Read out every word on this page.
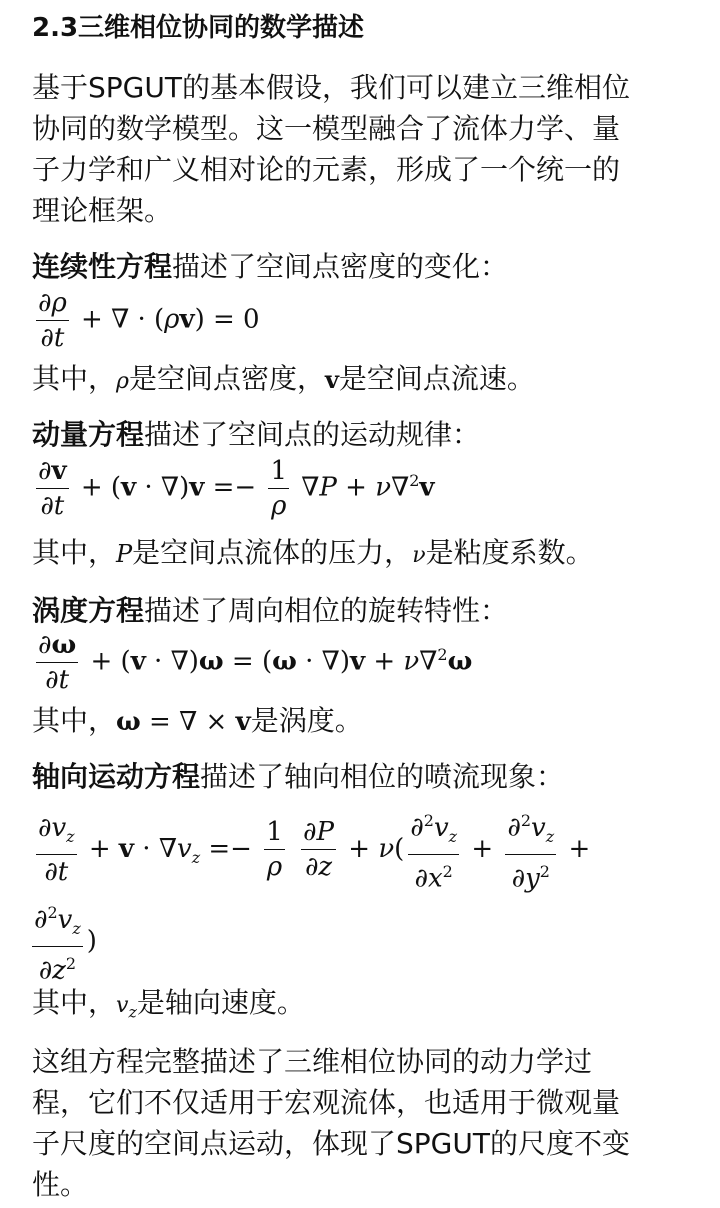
2.3三维相位协同的数学描述
基于SPGUT的基本假设，我们可以建立三维相位
协同的数学模型。这一模型融合了流体力学、量
子力学和广义相对论的元素，形成了一个统一的
理论框架。
连续性方程描述了空间点密度的变化：
$\frac{\partial\rho}{\partial t}$ + ∇ · (ρv) = 0
其中，ρ是空间点密度，v是空间点流速。
动量方程描述了空间点的运动规律：
$\frac{\partial v}{\partial t} + (v \cdot \nabla)v =- \frac{1}{\rho} \nabla P + \nu\nabla^2v$
其中，P是空间点流体的压力，ν是粘度系数。
涡度方程描述了周向相位的旋转特性：
$\frac{\partial\omega}{\partial t} + (v \cdot \nabla)\omega = (\omega \cdot \nabla)v + \nu\nabla^2\omega$
其中，ω = ∇ × v是涡度。
轴向运动方程描述了轴向相位的喷流现象：
$\frac{\partial v_z}{\partial t} + v \cdot \nabla v_z =- \frac{1}{\rho}$
$\frac{\partial P}{\partial z} + \nu( \frac{\partial^2v_z}{\partial x^2} + \frac{\partial^2v_z}{\partial y^2}$ +
$\frac{\partial^2v_z}{\partial z^2}$ )
其中，$v_z$是轴向速度。
这组方程完整描述了三维相位协同的动力学过
程，它们不仅适用于宏观流体，也适用于微观量
子尺度的空间点运动，体现了SPGUT的尺度不变
性。
